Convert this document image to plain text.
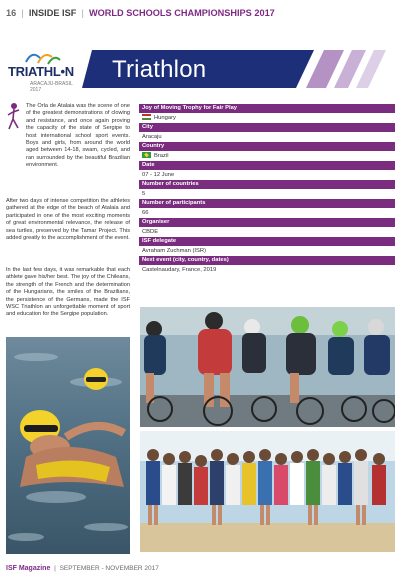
16  |  INSIDE ISF  |  WORLD SCHOOLS CHAMPIONSHIPS 2017
TRIATHL•N
ARACAJU-BRASIL 2017
Triathlon
The Orla de Atalaia was the scene of one of the greatest demonstrations of clowing and resistance, and once again proving the capacity of the state of Sergipe to host international school sport events. Boys and girls, from around the world aged between 14-18, swam, cycled, and ran surrounded by the beautiful Brazilian environment.
After two days of intense competition the athletes gathered at the edge of the beach of Atalaia and participated in one of the most exciting moments of great environmental relevance, the release of sea turtles, preserved by the Tamar Project. This added greatly to the accomplishment of the event.
In the last few days, it was remarkable that each athlete gave his/her best. The joy of the Chileans, the strength of the French and the determination of the Hungarians, the smiles of the Brazilians, the persistence of the Germans, made the ISF WSC Triathlon an unforgettable moment of sport and education for the Sergipe population.
Joy of Moving Trophy for Fair Play
Hungary
City
Aracaju
Country
Brazil
Date
07 - 12 June
Number of countries
5
Number of participants
66
Organiser
CBDE
ISF delegate
Avraham Zuchman (ISR)
Next event (city, country, dates)
Castelnaudary, France, 2019
ISF Magazine  |  SEPTEMBER - NOVEMBER 2017
